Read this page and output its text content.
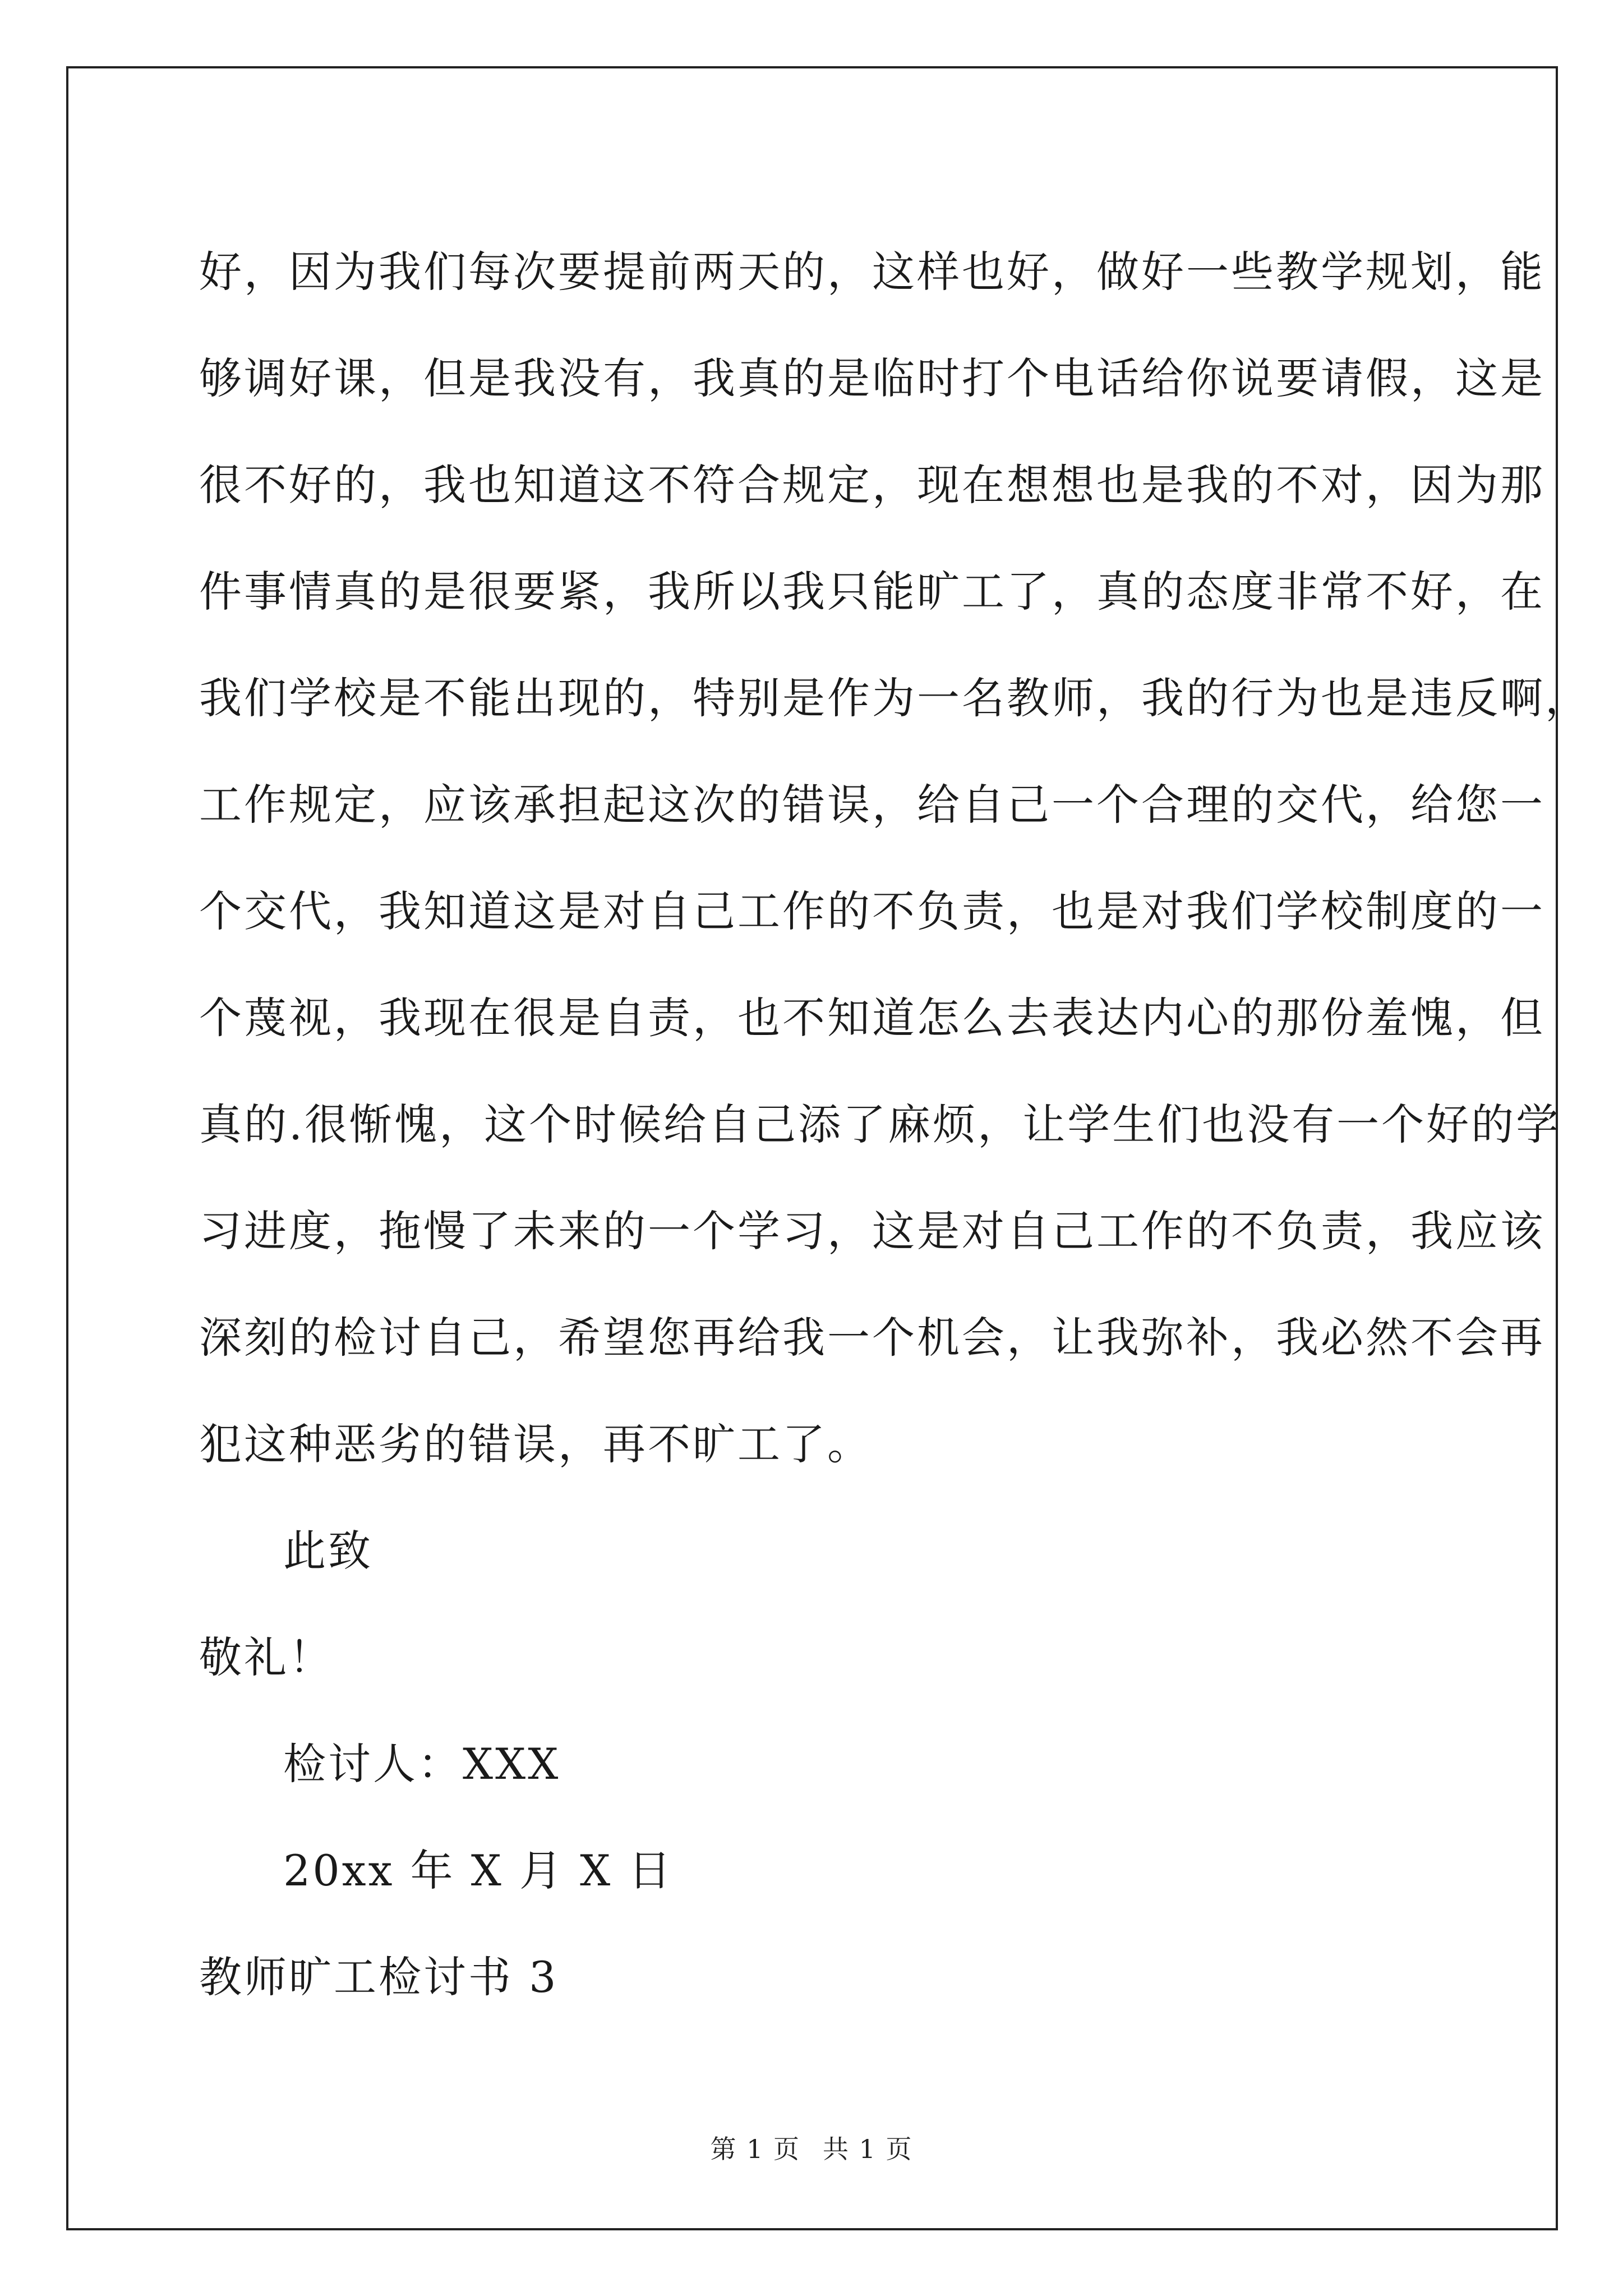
好，因为我们每次要提前两天的，这样也好，做好一些教学规划，能
够调好课，但是我没有，我真的是临时打个电话给你说要请假，这是
很不好的，我也知道这不符合规定，现在想想也是我的不对，因为那
件事情真的是很要紧，我所以我只能旷工了，真的态度非常不好，在
我们学校是不能出现的，特别是作为一名教师，我的行为也是违反啊，
工作规定，应该承担起这次的错误，给自己一个合理的交代，给您一
个交代，我知道这是对自己工作的不负责，也是对我们学校制度的一
个蔑视，我现在很是自责，也不知道怎么去表达内心的那份羞愧，但
真的.很惭愧，这个时候给自己添了麻烦，让学生们也没有一个好的学
习进度，拖慢了未来的一个学习，这是对自己工作的不负责，我应该
深刻的检讨自己，希望您再给我一个机会，让我弥补，我必然不会再
犯这种恶劣的错误，再不旷工了。
此致
敬礼！
检讨人：XXX
20xx 年 X 月 X 日
教师旷工检讨书 3
第 1 页 共 1 页
